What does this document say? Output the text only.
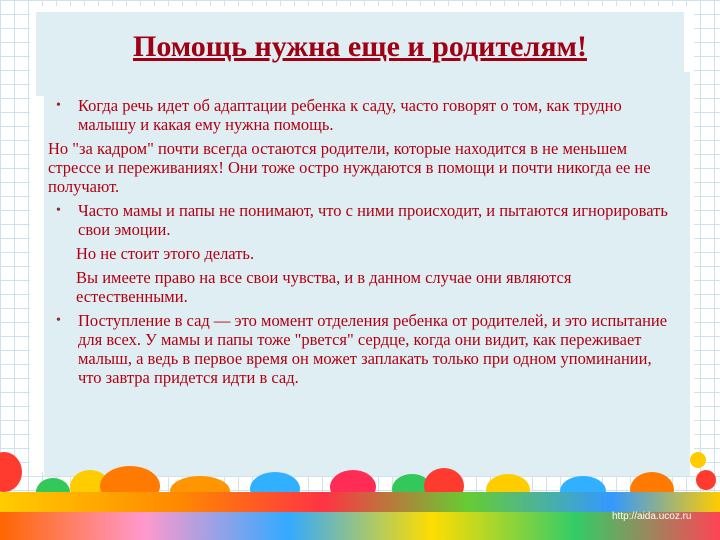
Помощь нужна еще и родителям!

• Когда речь идет об адаптации ребенка к саду, часто говорят о том, как трудно малышу и какая ему нужна помощь.

Но "за кадром" почти всегда остаются родители, которые находится в не меньшем стрессе и переживаниях! Они тоже остро нуждаются в помощи и почти никогда ее не получают.

• Часто мамы и папы не понимают, что с ними происходит, и пытаются игнорировать свои эмоции.

Но не стоит этого делать.

Вы имеете право на все свои чувства, и в данном случае они являются естественными.

• Поступление в сад — это момент отделения ребенка от родителей, и это испытание для всех. У мамы и папы тоже "рвется" сердце, когда они видит, как переживает малыш, а ведь в первое время он может заплакать только при одном упоминании, что завтра придется идти в сад.

http://aida.ucoz.ru
